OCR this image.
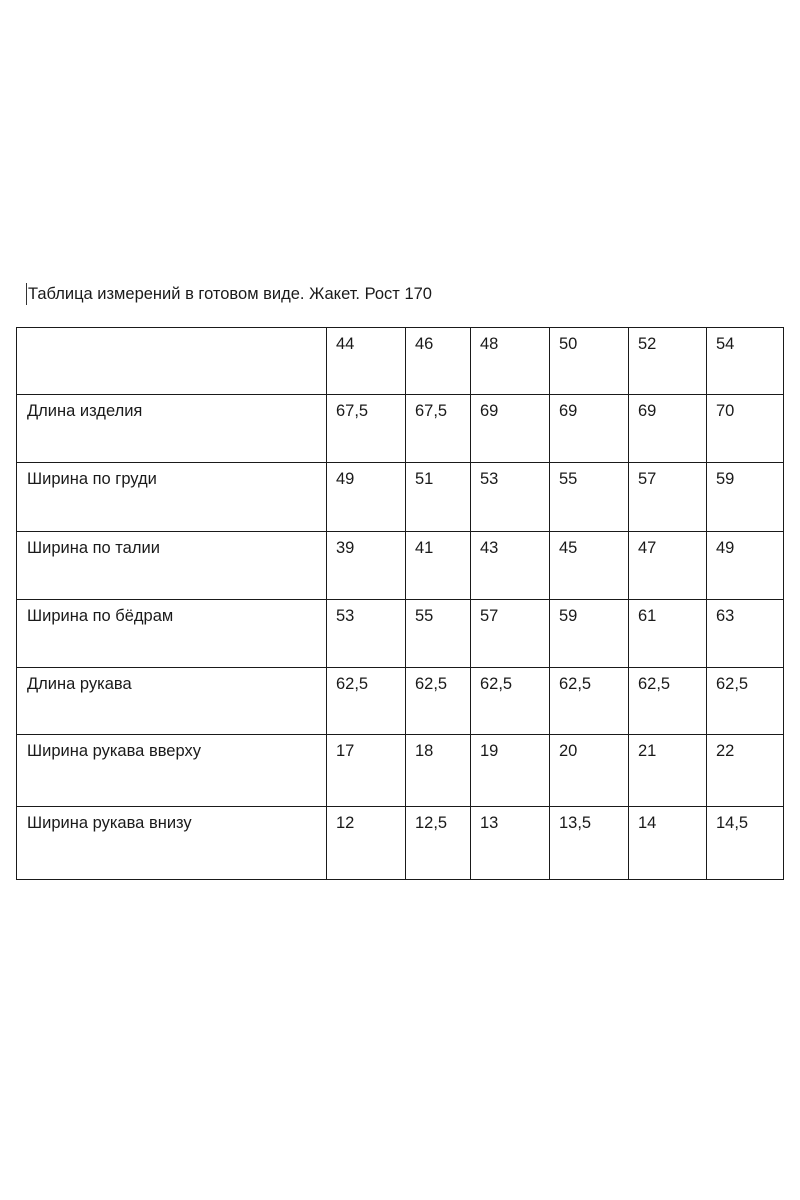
Таблица измерений в готовом виде. Жакет. Рост 170
	44	46	48	50	52	54
Длина изделия	67,5	67,5	69	69	69	70
Ширина по груди	49	51	53	55	57	59
Ширина по талии	39	41	43	45	47	49
Ширина по бёдрам	53	55	57	59	61	63
Длина рукава	62,5	62,5	62,5	62,5	62,5	62,5
Ширина рукава вверху	17	18	19	20	21	22
Ширина рукава внизу	12	12,5	13	13,5	14	14,5
